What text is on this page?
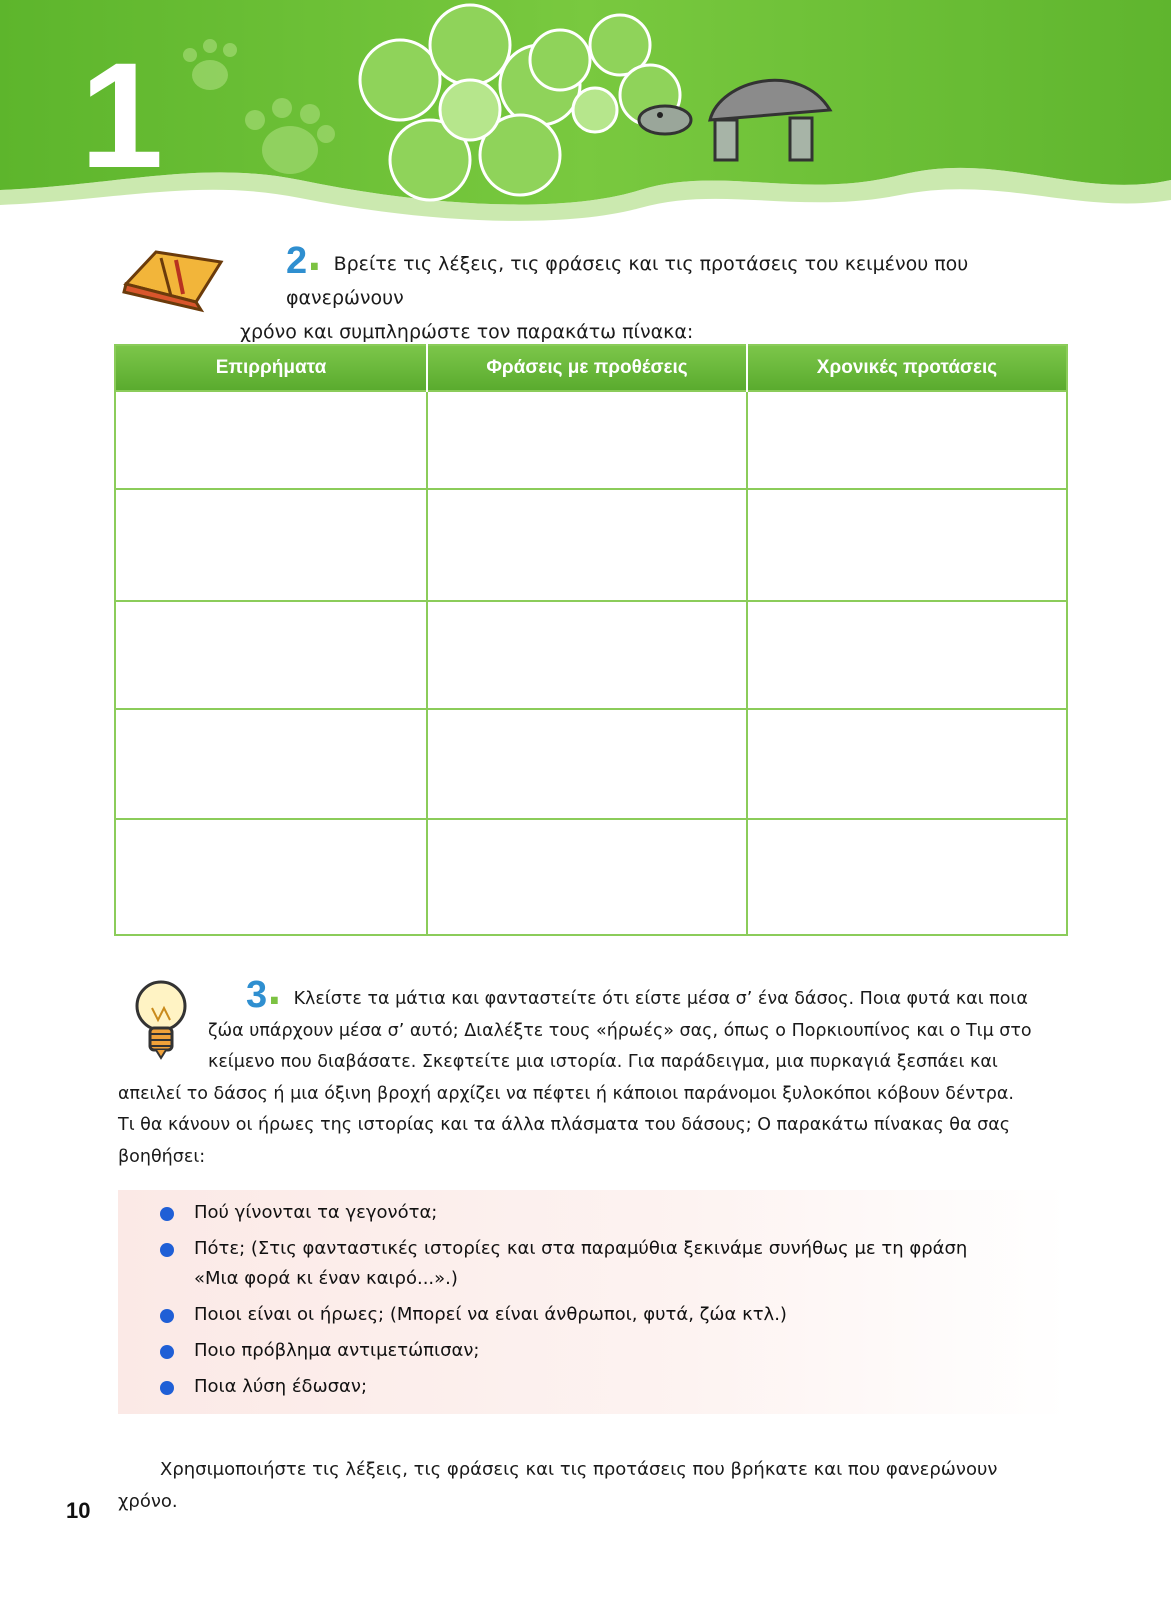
1
2. Βρείτε τις λέξεις, τις φράσεις και τις προτάσεις του κειμένου που φανερώνουν
χρόνο και συμπληρώστε τον παρακάτω πίνακα:
Επιρρήματα	Φράσεις με προθέσεις	Χρονικές προτάσεις

3. Κλείστε τα μάτια και φανταστείτε ότι είστε μέσα σ’ ένα δάσος. Ποια φυτά και ποια
ζώα υπάρχουν μέσα σ’ αυτό; Διαλέξτε τους «ήρωές» σας, όπως ο Πορκιουπίνος και ο Τιμ στο
κείμενο που διαβάσατε. Σκεφτείτε μια ιστορία. Για παράδειγμα, μια πυρκαγιά ξεσπάει και
απειλεί το δάσος ή μια όξινη βροχή αρχίζει να πέφτει ή κάποιοι παράνομοι ξυλοκόποι κόβουν δέντρα.
Τι θα κάνουν οι ήρωες της ιστορίας και τα άλλα πλάσματα του δάσους; Ο παρακάτω πίνακας θα σας
βοηθήσει:
Πού γίνονται τα γεγονότα;
Πότε; (Στις φανταστικές ιστορίες και στα παραμύθια ξεκινάμε συνήθως με τη φράση
«Μια φορά κι έναν καιρό...».)
Ποιοι είναι οι ήρωες; (Μπορεί να είναι άνθρωποι, φυτά, ζώα κτλ.)
Ποιο πρόβλημα αντιμετώπισαν;
Ποια λύση έδωσαν;
Χρησιμοποιήστε τις λέξεις, τις φράσεις και τις προτάσεις που βρήκατε και που φανερώνουν
χρόνο.
10
